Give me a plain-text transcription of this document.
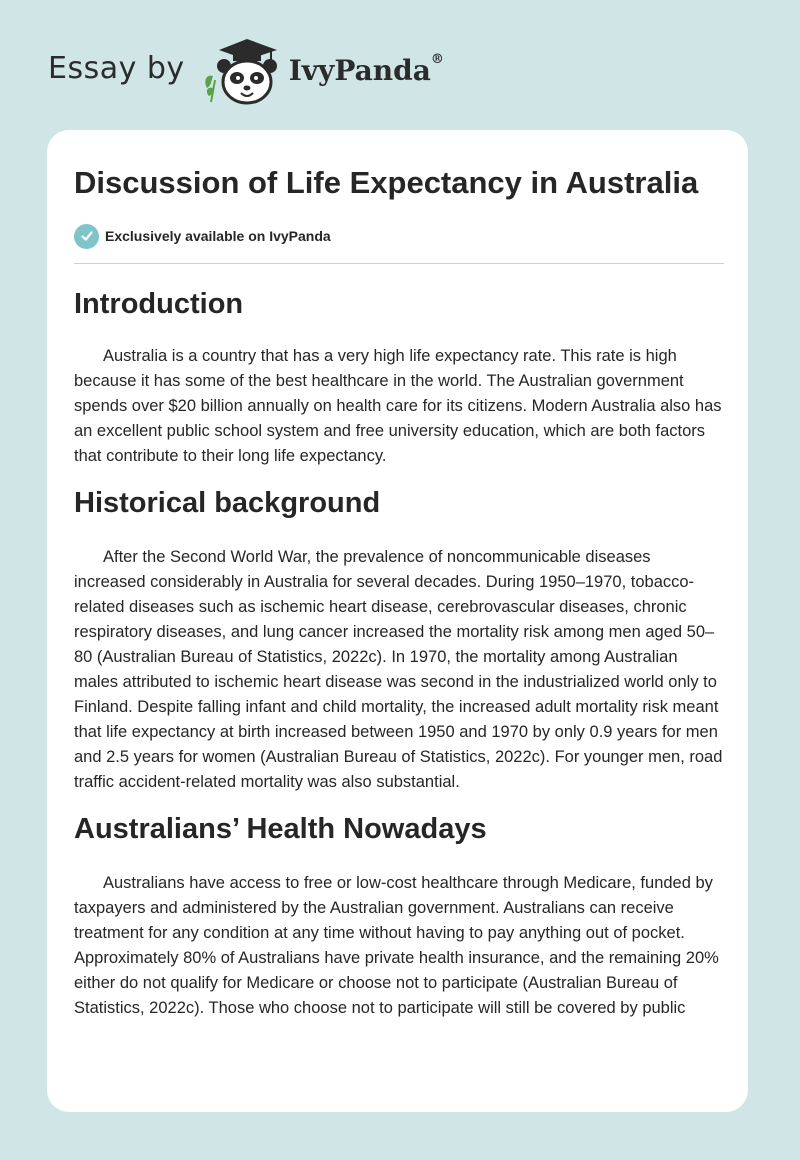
Essay by	IvyPanda®
Discussion of Life Expectancy in Australia
Exclusively available on IvyPanda
Introduction

Australia is a country that has a very high life expectancy rate. This rate is high because it has some of the best healthcare in the world. The Australian government spends over $20 billion annually on health care for its citizens. Modern Australia also has an excellent public school system and free university education, which are both factors that contribute to their long life expectancy.

Historical background

After the Second World War, the prevalence of noncommunicable diseases increased considerably in Australia for several decades. During 1950–1970, tobacco-related diseases such as ischemic heart disease, cerebrovascular diseases, chronic respiratory diseases, and lung cancer increased the mortality risk among men aged 50–80 (Australian Bureau of Statistics, 2022c). In 1970, the mortality among Australian males attributed to ischemic heart disease was second in the industrialized world only to Finland. Despite falling infant and child mortality, the increased adult mortality risk meant that life expectancy at birth increased between 1950 and 1970 by only 0.9 years for men and 2.5 years for women (Australian Bureau of Statistics, 2022c). For younger men, road traffic accident-related mortality was also substantial.

Australians’ Health Nowadays

Australians have access to free or low-cost healthcare through Medicare, funded by taxpayers and administered by the Australian government. Australians can receive treatment for any condition at any time without having to pay anything out of pocket. Approximately 80% of Australians have private health insurance, and the remaining 20% either do not qualify for Medicare or choose not to participate (Australian Bureau of Statistics, 2022c). Those who choose not to participate will still be covered by public
